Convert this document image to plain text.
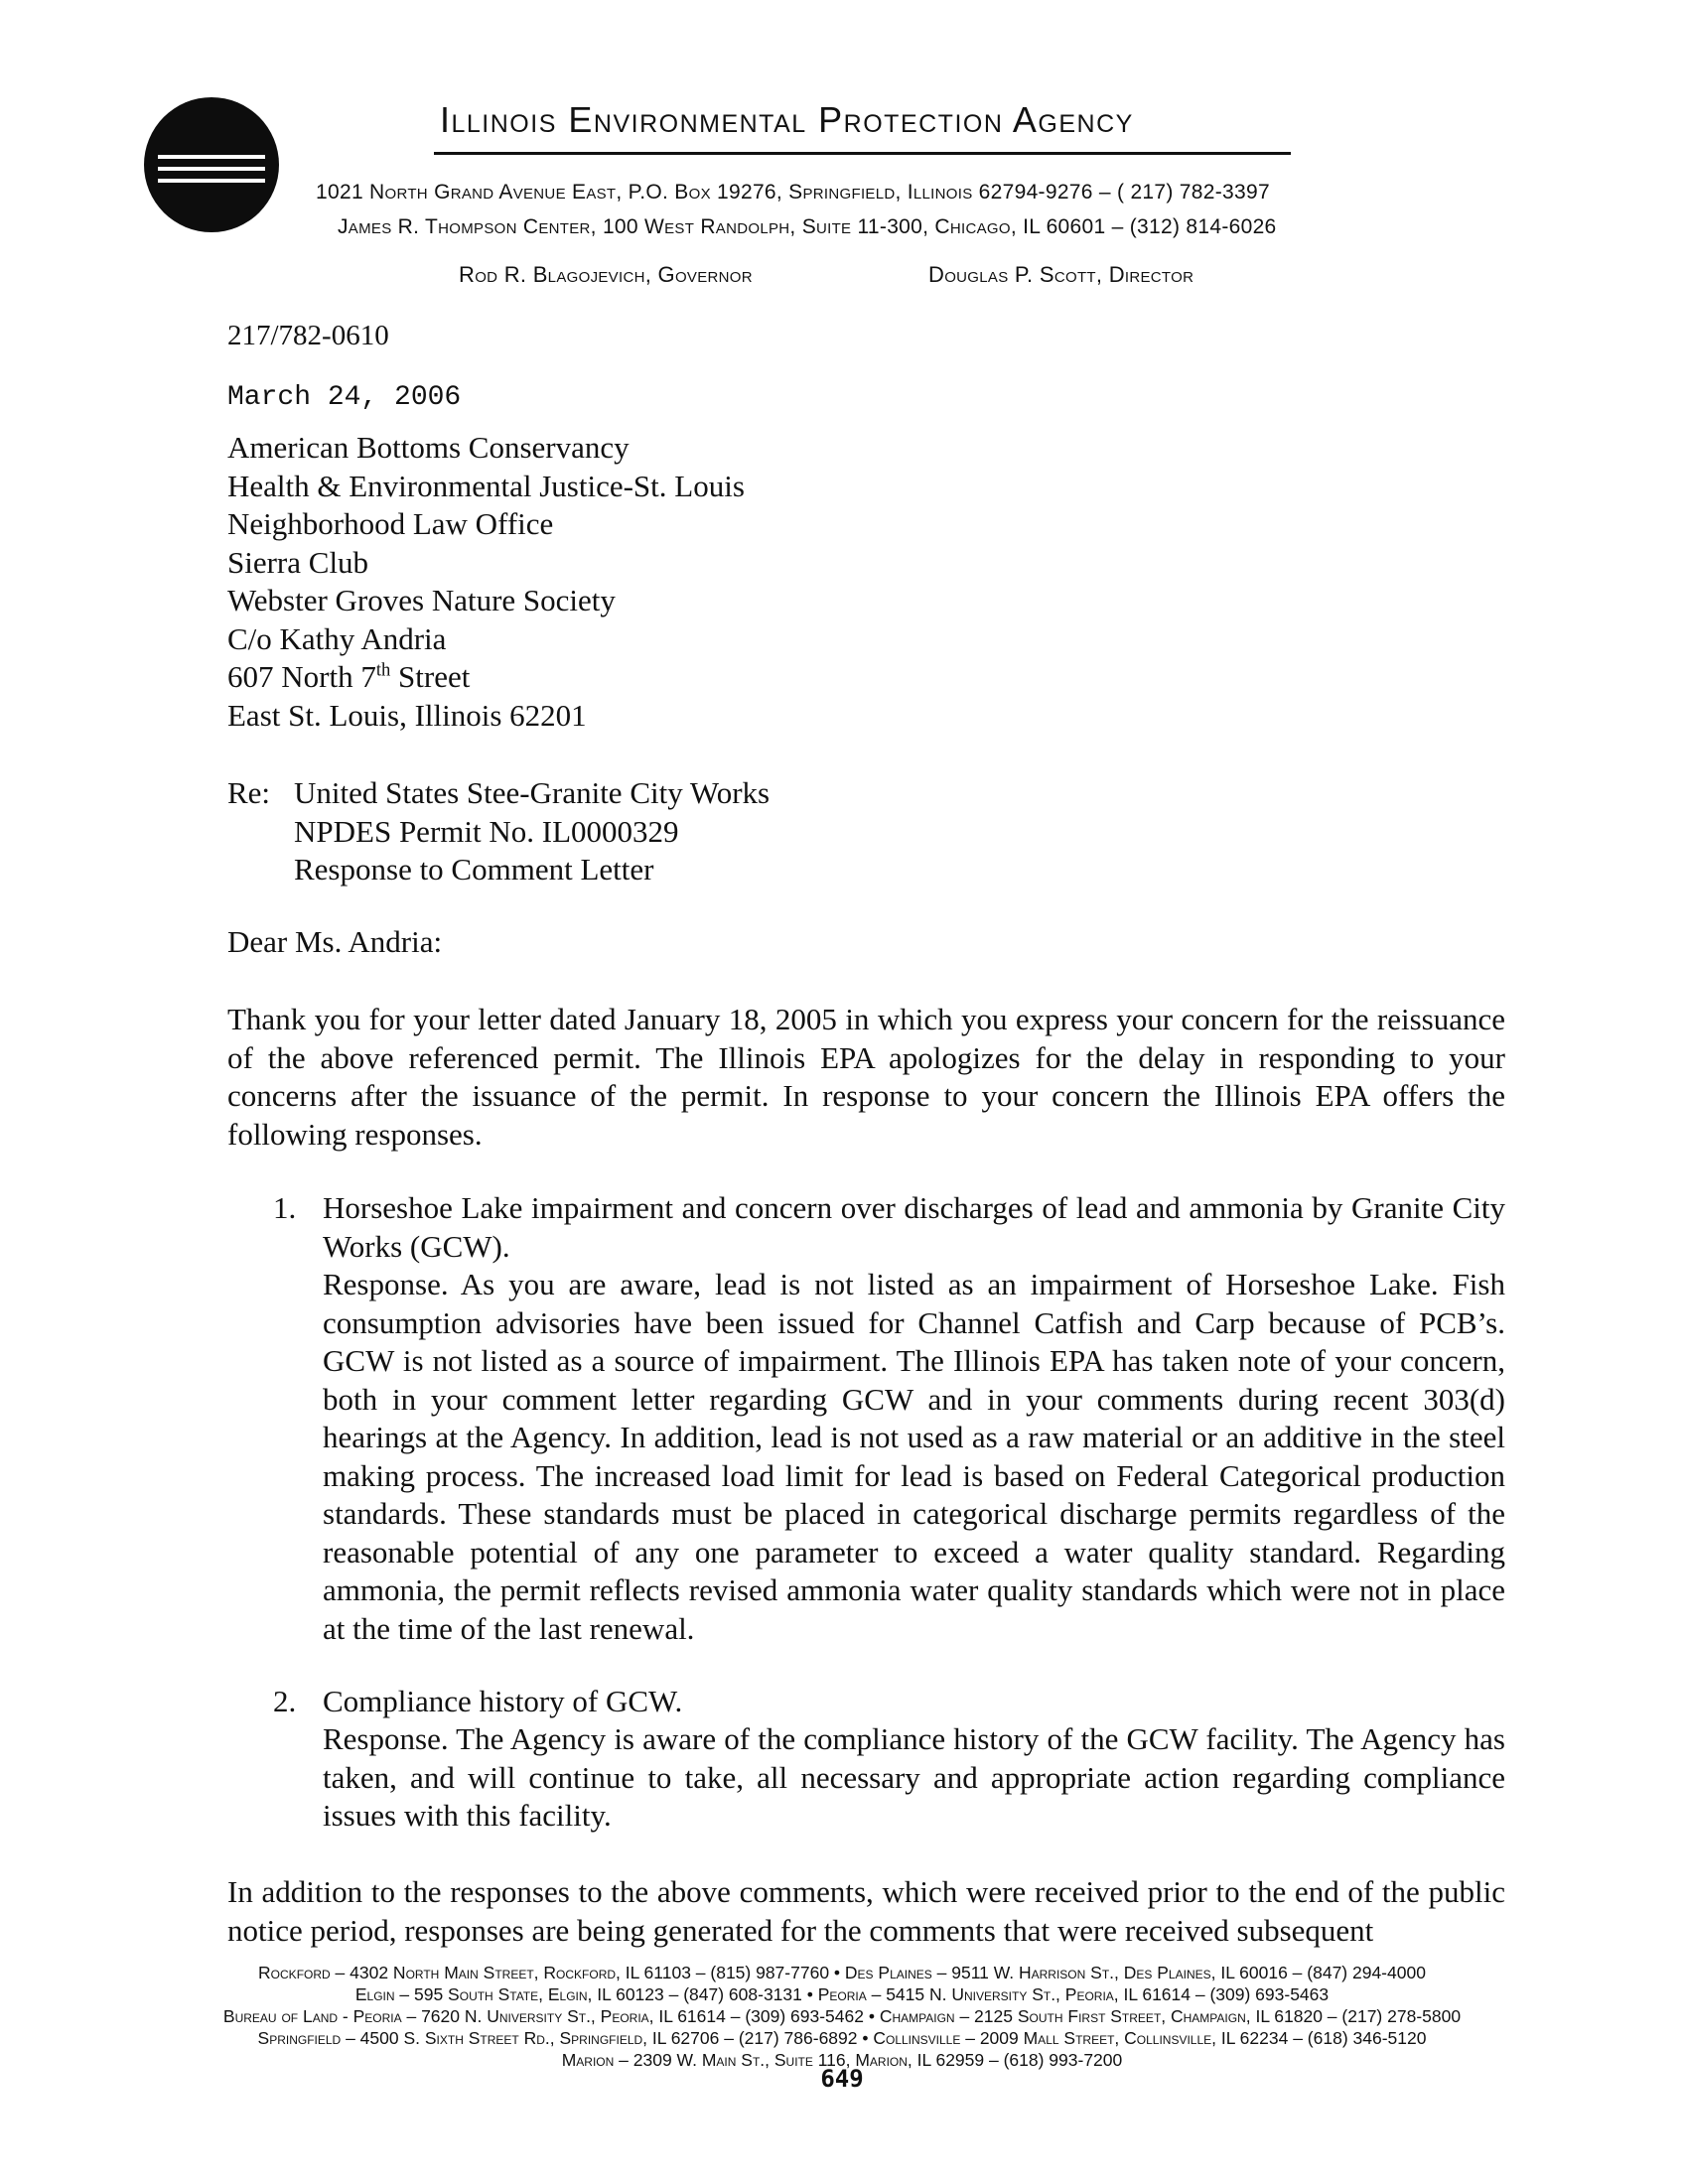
Illinois Environmental Protection Agency
1021 North Grand Avenue East, P.O. Box 19276, Springfield, Illinois 62794-9276 – ( 217) 782-3397
James R. Thompson Center, 100 West Randolph, Suite 11-300, Chicago, IL 60601 – (312) 814-6026
Rod R. Blagojevich, Governor	Douglas P. Scott, Director
217/782-0610
March 24, 2006
American Bottoms Conservancy
Health & Environmental Justice-St. Louis
Neighborhood Law Office
Sierra Club
Webster Groves Nature Society
C/o Kathy Andria
607 North 7th Street
East St. Louis, Illinois 62201
Re: United States Stee-Granite City Works
NPDES Permit No. IL0000329
Response to Comment Letter
Dear Ms. Andria:
Thank you for your letter dated January 18, 2005 in which you express your concern for the reissuance of the above referenced permit. The Illinois EPA apologizes for the delay in responding to your concerns after the issuance of the permit. In response to your concern the Illinois EPA offers the following responses.
1. Horseshoe Lake impairment and concern over discharges of lead and ammonia by Granite City Works (GCW).
Response. As you are aware, lead is not listed as an impairment of Horseshoe Lake. Fish consumption advisories have been issued for Channel Catfish and Carp because of PCB’s. GCW is not listed as a source of impairment. The Illinois EPA has taken note of your concern, both in your comment letter regarding GCW and in your comments during recent 303(d) hearings at the Agency. In addition, lead is not used as a raw material or an additive in the steel making process. The increased load limit for lead is based on Federal Categorical production standards. These standards must be placed in categorical discharge permits regardless of the reasonable potential of any one parameter to exceed a water quality standard. Regarding ammonia, the permit reflects revised ammonia water quality standards which were not in place at the time of the last renewal.
2. Compliance history of GCW.
Response. The Agency is aware of the compliance history of the GCW facility. The Agency has taken, and will continue to take, all necessary and appropriate action regarding compliance issues with this facility.
In addition to the responses to the above comments, which were received prior to the end of the public notice period, responses are being generated for the comments that were received subsequent
Rockford – 4302 North Main Street, Rockford, IL 61103 – (815) 987-7760 • Des Plaines – 9511 W. Harrison St., Des Plaines, IL 60016 – (847) 294-4000
Elgin – 595 South State, Elgin, IL 60123 – (847) 608-3131 • Peoria – 5415 N. University St., Peoria, IL 61614 – (309) 693-5463
Bureau of Land - Peoria – 7620 N. University St., Peoria, IL 61614 – (309) 693-5462 • Champaign – 2125 South First Street, Champaign, IL 61820 – (217) 278-5800
Springfield – 4500 S. Sixth Street Rd., Springfield, IL 62706 – (217) 786-6892 • Collinsville – 2009 Mall Street, Collinsville, IL 62234 – (618) 346-5120
Marion – 2309 W. Main St., Suite 116, Marion, IL 62959 – (618) 993-7200
649
